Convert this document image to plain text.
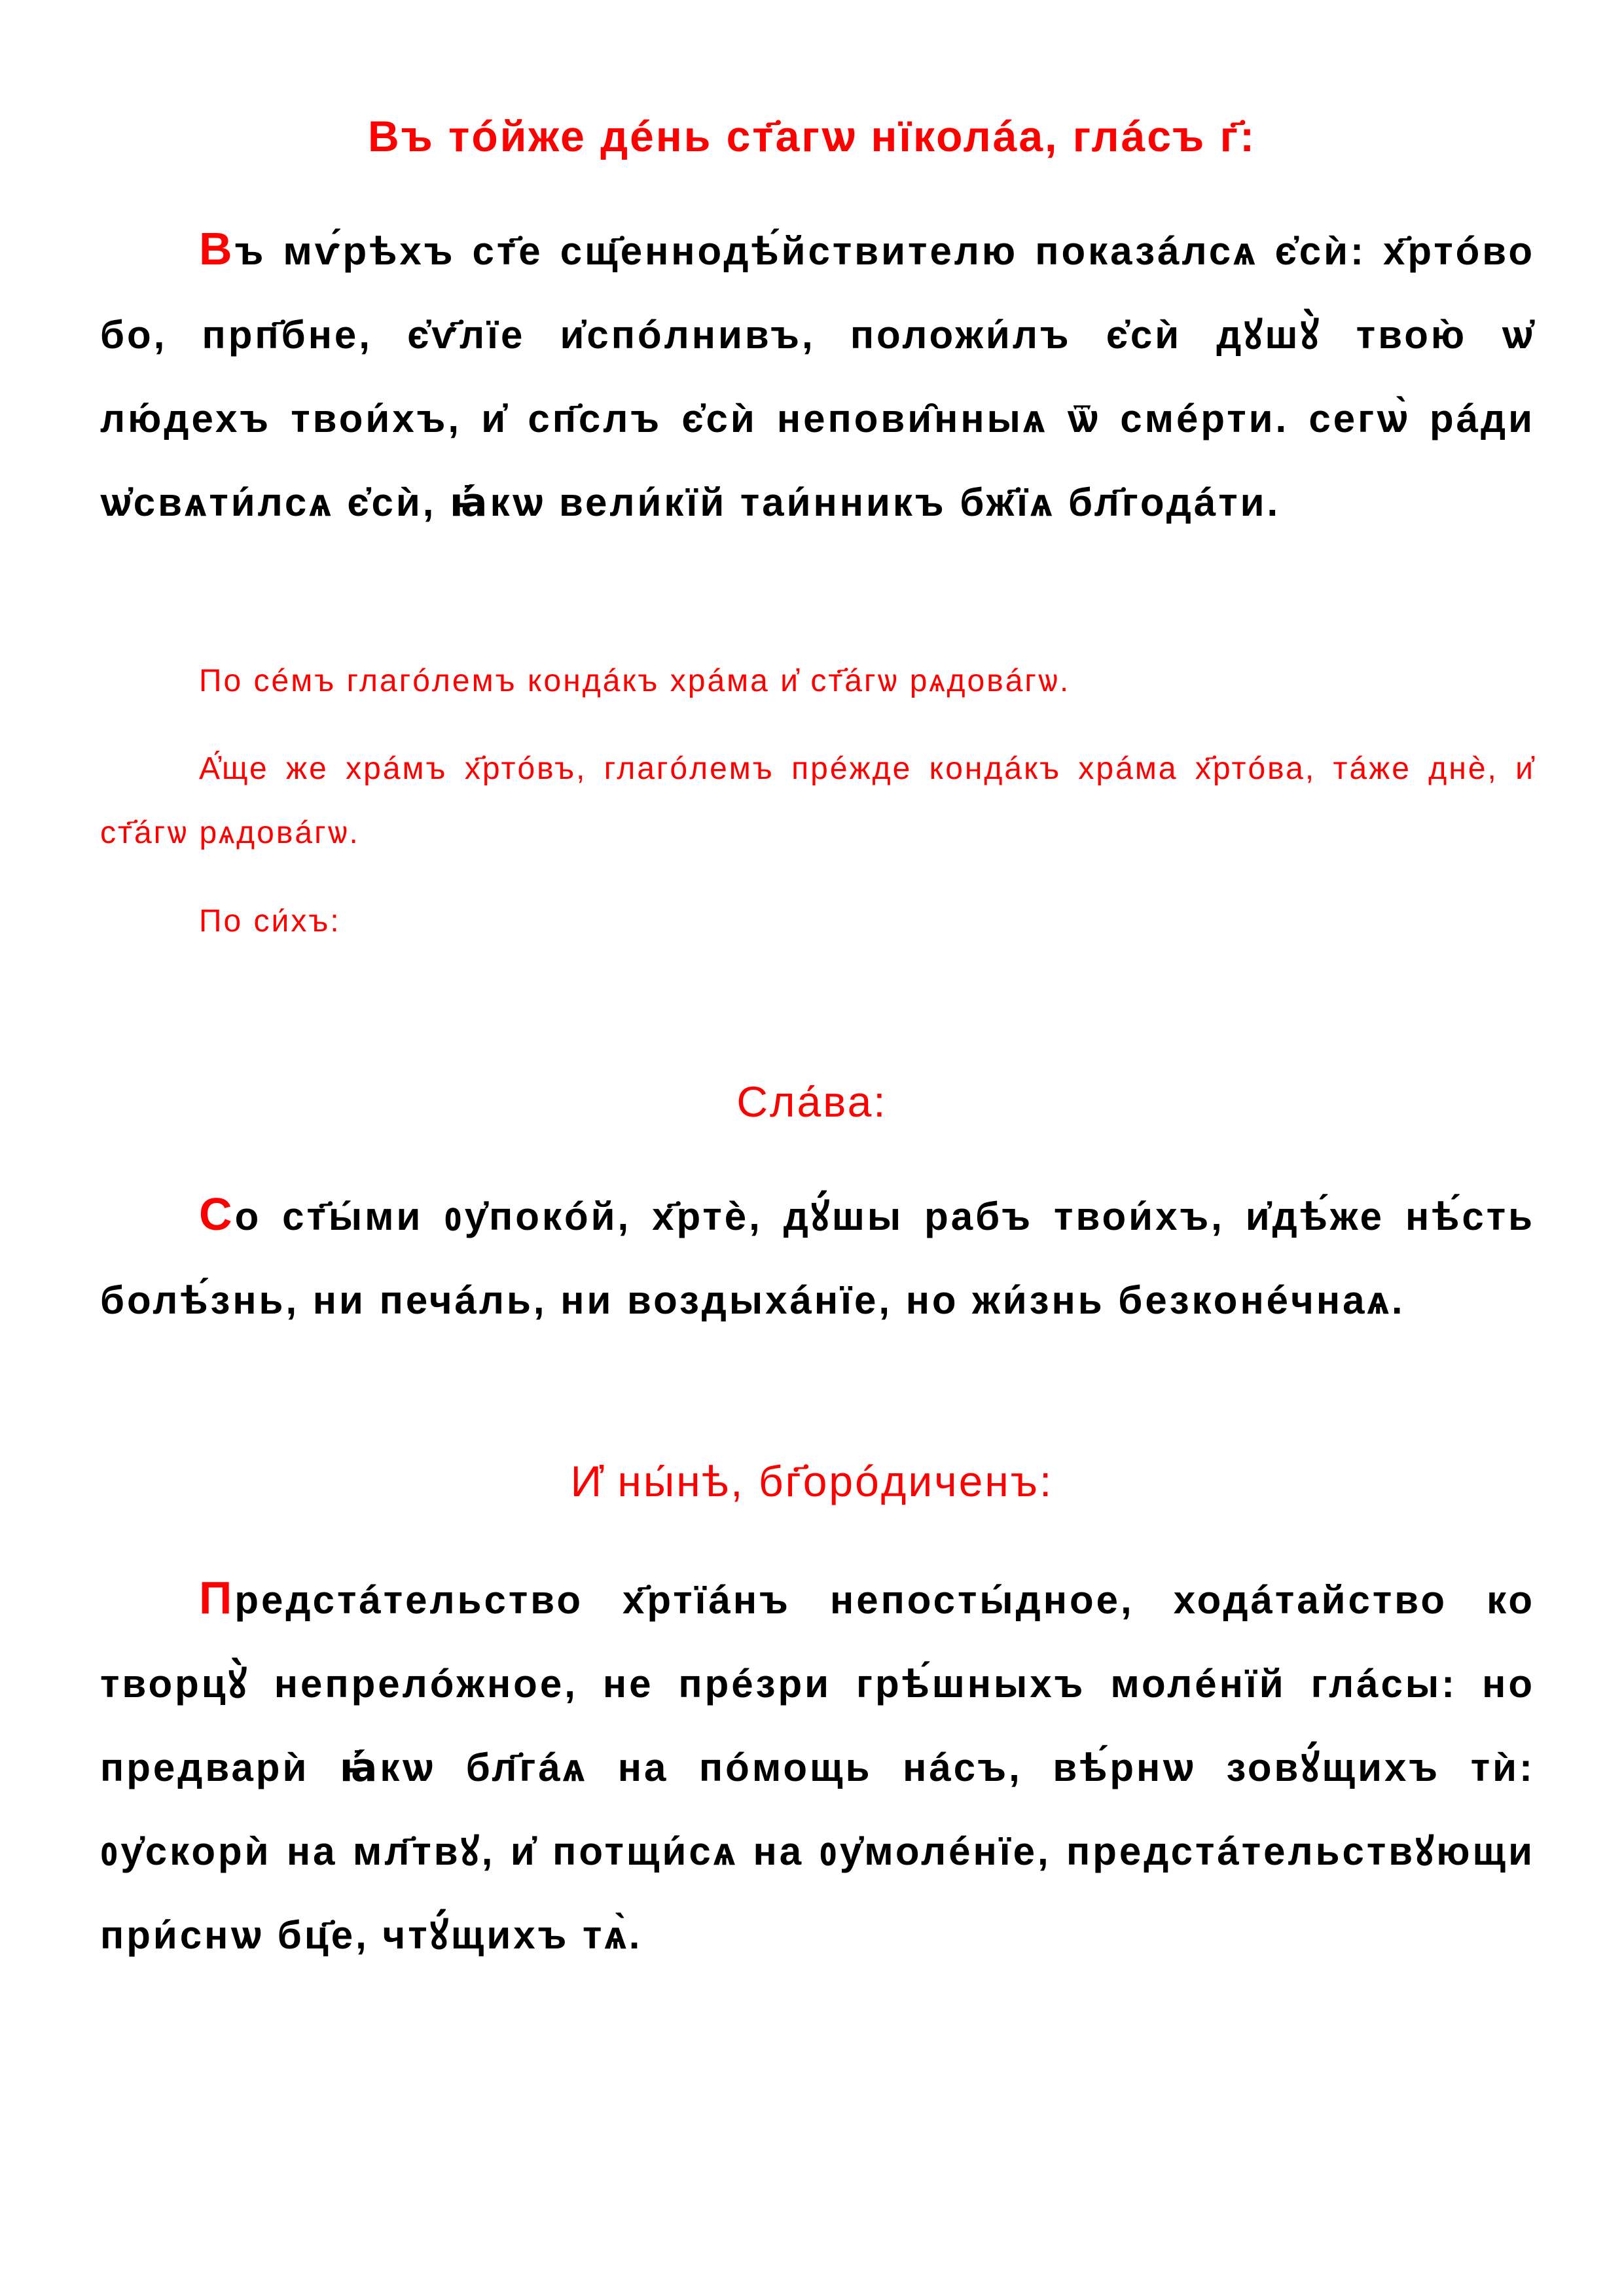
Въ тóйже дéнь ст҃агѡ нїколáа, глáсъ г҃:
Въ мѵ́рѣхъ ст҃е сщ҃еннодѣ́йствителю показáлсѧ є҆сѝ: х҃ртóво бо, прп҃бне, є҆ѵ҃лїе и҆спóлнивъ, положи́лъ є҆сѝ дꙋшꙋ̀ твою̀ ѡ҆ лю́дехъ твои́хъ, и҆ сп҃слъ є҆сѝ непови̑нныѧ ѿ смéрти. сегѡ̀ рáди ѡ҆свѧти́лсѧ є҆сѝ, ꙗ҆́кѡ вели́кїй таи́нникъ бж҃їѧ бл҃годáти.
По сéмъ глагóлемъ кондáкъ хрáма и҆ ст҃áгѡ рѧдовáгѡ.
А҆́ще же хрáмъ х҃ртóвъ, глагóлемъ прéжде кондáкъ хрáма х҃ртóва, тáже днѐ, и҆ ст҃áгѡ рѧдовáгѡ.
По си́хъ:
Сла́ва:
Со ст҃ы́ми ᲂу҆покóй, х҃ртѐ, дꙋ́шы рабъ твои́хъ, и҆дѣ́же нѣ́сть болѣ́знь, ни печáль, ни воздыхáнїе, но жи́знь безконéчнаѧ.
И҆ ны́нѣ, бг҃орóдиченъ:
Предстáтельство х҃ртїáнъ непосты́дное, ходáтайство ко творцꙋ̀ непрелóжное, не прéзри грѣ́шныхъ молéнїй глáсы: но предварѝ ꙗ҆́кѡ бл҃гáѧ на пóмощь нáсъ, вѣ́рнѡ зовꙋ́щихъ тѝ: ᲂу҆скорѝ на мл҃твꙋ, и҆ потщи́сѧ на ᲂу҆молéнїе, предстáтельствꙋющи при́снѡ бц҃е, чтꙋ́щихъ тѧ̀.
